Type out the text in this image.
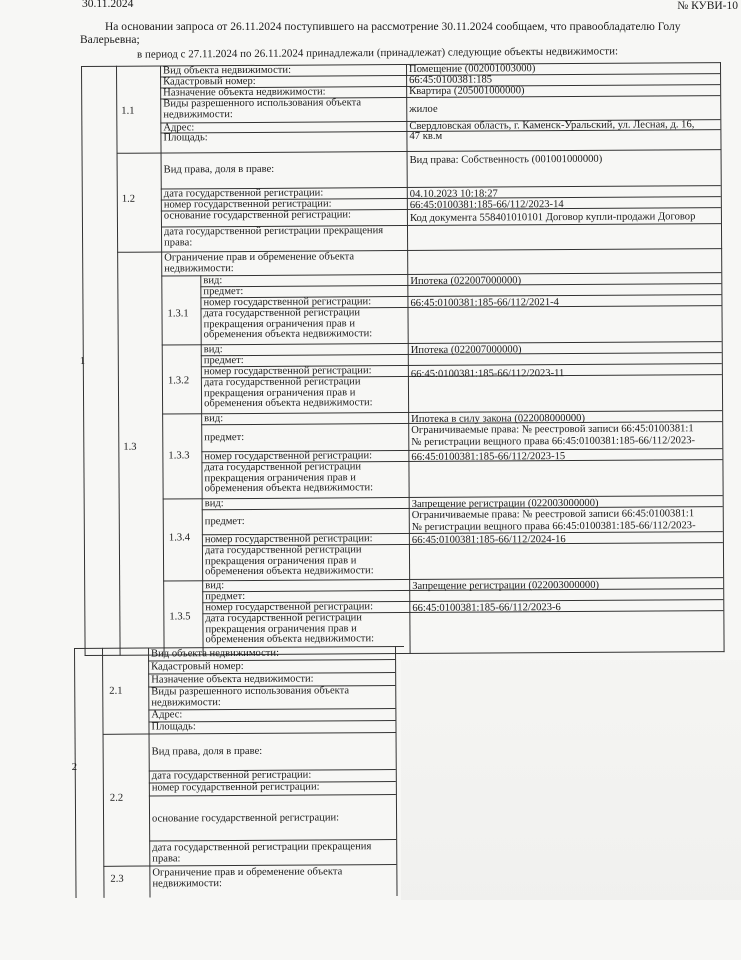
30.11.2024	№ КУВИ-10
На основании запроса от 26.11.2024 поступившего на рассмотрение 30.11.2024 сообщаем, что правообладателю Голу
Валерьевна;
в период с 27.11.2024 по 26.11.2024 принадлежали (принадлежат) следующие объекты недвижимости:
1
1.1
Вид объекта недвижимости:	Помещение (002001003000)
Кадастровый номер:	66:45:0100381:185
Назначение объекта недвижимости:	Квартира (205001000000)
Виды разрешенного использования объекта недвижимости:	жилое
Адрес:	Свердловская область, г. Каменск-Уральский, ул. Лесная, д. 16,
Площадь:	47 кв.м
1.2
Вид права, доля в праве:
Вид права: Собственность (001001000000)
дата государственной регистрации:	04.10.2023 10:18:27
номер государственной регистрации:	66:45:0100381:185-66/112/2023-14
основание государственной регистрации:	Код документа 558401010101 Договор купли-продажи Договор
дата государственной регистрации прекращения права:
1.3
Ограничение прав и обременение объекта недвижимости:
1.3.1
вид:	Ипотека (022007000000)
предмет:
номер государственной регистрации:	66:45:0100381:185-66/112/2021-4
дата государственной регистрации прекращения ограничения прав и обременения объекта недвижимости:
1.3.2
вид:	Ипотека (022007000000)
предмет:
номер государственной регистрации:	66:45:0100381:185-66/112/2023-11
дата государственной регистрации прекращения ограничения прав и обременения объекта недвижимости:
1.3.3
вид:	Ипотека в силу закона (022008000000)
предмет:
Ограничиваемые права: № реестровой записи 66:45:0100381:1
№ регистрации вещного права 66:45:0100381:185-66/112/2023-
номер государственной регистрации:	66:45:0100381:185-66/112/2023-15
дата государственной регистрации прекращения ограничения прав и обременения объекта недвижимости:
1.3.4
вид:	Запрещение регистрации (022003000000)
предмет:
Ограничиваемые права: № реестровой записи 66:45:0100381:1
№ регистрации вещного права 66:45:0100381:185-66/112/2023-
номер государственной регистрации:	66:45:0100381:185-66/112/2024-16
дата государственной регистрации прекращения ограничения прав и обременения объекта недвижимости:
1.3.5
вид:	Запрещение регистрации (022003000000)
предмет:
номер государственной регистрации:	66:45:0100381:185-66/112/2023-6
дата государственной регистрации прекращения ограничения прав и обременения объекта недвижимости:
2
2.1
Вид объекта недвижимости:
Кадастровый номер:
Назначение объекта недвижимости:
Виды разрешенного использования объекта недвижимости:
Адрес:
Площадь:
2.2
Вид права, доля в праве:
дата государственной регистрации:
номер государственной регистрации:
основание государственной регистрации:
дата государственной регистрации прекращения права:
2.3
Ограничение прав и обременение объекта недвижимости:
